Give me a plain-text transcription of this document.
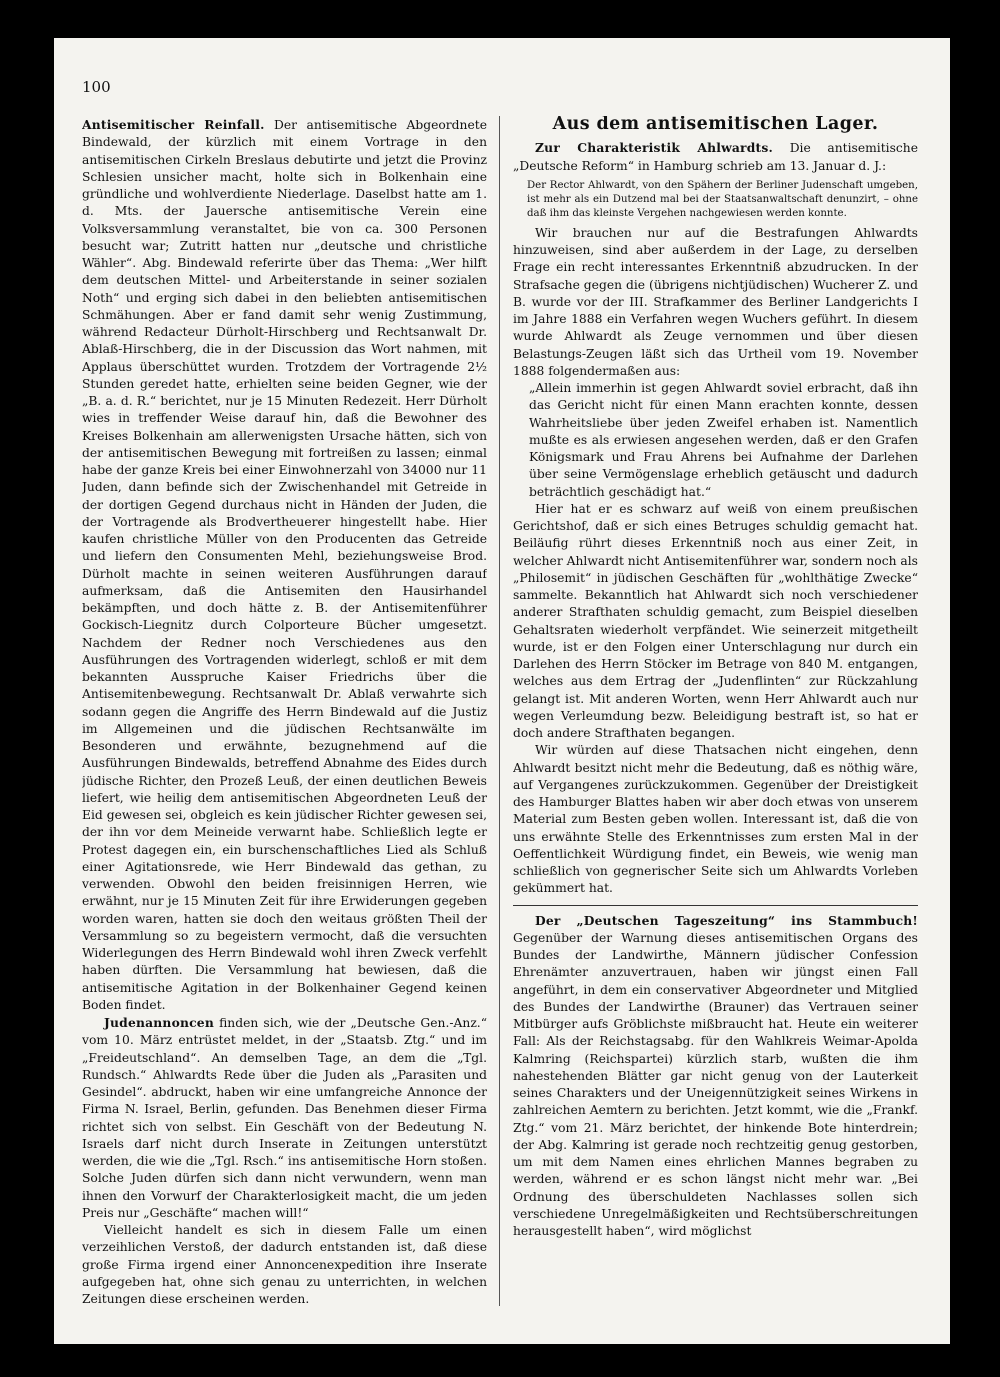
100

Antisemitischer Reinfall. Der antisemitische Abgeordnete Bindewald, der kürzlich mit einem Vortrage in den antisemitischen Cirkeln Breslaus debutirte und jetzt die Provinz Schlesien unsicher macht, holte sich in Bolkenhain eine gründliche und wohlverdiente Niederlage. Daselbst hatte am 1. d. Mts. der Jauersche antisemitische Verein eine Volksversammlung veranstaltet, bie von ca. 300 Personen besucht war; Zutritt hatten nur „deutsche und christliche Wähler“. Abg. Bindewald referirte über das Thema: „Wer hilft dem deutschen Mittel- und Arbeiterstande in seiner sozialen Noth“ und erging sich dabei in den beliebten antisemitischen Schmähungen. Aber er fand damit sehr wenig Zustimmung, während Redacteur Dürholt-Hirschberg und Rechtsanwalt Dr. Ablaß-Hirschberg, die in der Discussion das Wort nahmen, mit Applaus überschüttet wurden. Trotzdem der Vortragende 2½ Stunden geredet hatte, erhielten seine beiden Gegner, wie der „B. a. d. R.“ berichtet, nur je 15 Minuten Redezeit. Herr Dürholt wies in treffender Weise darauf hin, daß die Bewohner des Kreises Bolkenhain am allerwenigsten Ursache hätten, sich von der antisemitischen Bewegung mit fortreißen zu lassen; einmal habe der ganze Kreis bei einer Einwohnerzahl von 34000 nur 11 Juden, dann befinde sich der Zwischenhandel mit Getreide in der dortigen Gegend durchaus nicht in Händen der Juden, die der Vortragende als Brodvertheuerer hingestellt habe. Hier kaufen christliche Müller von den Producenten das Getreide und liefern den Consumenten Mehl, beziehungsweise Brod. Dürholt machte in seinen weiteren Ausführungen darauf aufmerksam, daß die Antisemiten den Hausirhandel bekämpften, und doch hätte z. B. der Antisemitenführer Gockisch-Liegnitz durch Colporteure Bücher umgesetzt. Nachdem der Redner noch Verschiedenes aus den Ausführungen des Vortragenden widerlegt, schloß er mit dem bekannten Ausspruche Kaiser Friedrichs über die Antisemitenbewegung. Rechtsanwalt Dr. Ablaß verwahrte sich sodann gegen die Angriffe des Herrn Bindewald auf die Justiz im Allgemeinen und die jüdischen Rechtsanwälte im Besonderen und erwähnte, bezugnehmend auf die Ausführungen Bindewalds, betreffend Abnahme des Eides durch jüdische Richter, den Prozeß Leuß, der einen deutlichen Beweis liefert, wie heilig dem antisemitischen Abgeordneten Leuß der Eid gewesen sei, obgleich es kein jüdischer Richter gewesen sei, der ihn vor dem Meineide verwarnt habe. Schließlich legte er Protest dagegen ein, ein burschenschaftliches Lied als Schluß einer Agitationsrede, wie Herr Bindewald das gethan, zu verwenden. Obwohl den beiden freisinnigen Herren, wie erwähnt, nur je 15 Minuten Zeit für ihre Erwiderungen gegeben worden waren, hatten sie doch den weitaus größten Theil der Versammlung so zu begeistern vermocht, daß die versuchten Widerlegungen des Herrn Bindewald wohl ihren Zweck verfehlt haben dürften. Die Versammlung hat bewiesen, daß die antisemitische Agitation in der Bolkenhainer Gegend keinen Boden findet.

Judenannoncen finden sich, wie der „Deutsche Gen.-Anz.“ vom 10. März entrüstet meldet, in der „Staatsb. Ztg.“ und im „Freideutschland“. An demselben Tage, an dem die „Tgl. Rundsch.“ Ahlwardts Rede über die Juden als „Parasiten und Gesindel“. abdruckt, haben wir eine umfangreiche Annonce der Firma N. Israel, Berlin, gefunden. Das Benehmen dieser Firma richtet sich von selbst. Ein Geschäft von der Bedeutung N. Israels darf nicht durch Inserate in Zeitungen unterstützt werden, die wie die „Tgl. Rsch.“ ins antisemitische Horn stoßen. Solche Juden dürfen sich dann nicht verwundern, wenn man ihnen den Vorwurf der Charakterlosigkeit macht, die um jeden Preis nur „Geschäfte“ machen will!“

Vielleicht handelt es sich in diesem Falle um einen verzeihlichen Verstoß, der dadurch entstanden ist, daß diese große Firma irgend einer Annoncenexpedition ihre Inserate aufgegeben hat, ohne sich genau zu unterrichten, in welchen Zeitungen diese erscheinen werden.

Aus dem antisemitischen Lager.

Zur Charakteristik Ahlwardts. Die antisemitische „Deutsche Reform“ in Hamburg schrieb am 13. Januar d. J.:

Der Rector Ahlwardt, von den Spähern der Berliner Judenschaft umgeben, ist mehr als ein Dutzend mal bei der Staatsanwaltschaft denunzirt, – ohne daß ihm das kleinste Vergehen nachgewiesen werden konnte.

Wir brauchen nur auf die Bestrafungen Ahlwardts hinzuweisen, sind aber außerdem in der Lage, zu derselben Frage ein recht interessantes Erkenntniß abzudrucken. In der Strafsache gegen die (übrigens nichtjüdischen) Wucherer Z. und B. wurde vor der III. Strafkammer des Berliner Landgerichts I im Jahre 1888 ein Verfahren wegen Wuchers geführt. In diesem wurde Ahlwardt als Zeuge vernommen und über diesen Belastungs-Zeugen läßt sich das Urtheil vom 19. November 1888 folgendermaßen aus:

„Allein immerhin ist gegen Ahlwardt soviel erbracht, daß ihn das Gericht nicht für einen Mann erachten konnte, dessen Wahrheitsliebe über jeden Zweifel erhaben ist. Namentlich mußte es als erwiesen angesehen werden, daß er den Grafen Königsmark und Frau Ahrens bei Aufnahme der Darlehen über seine Vermögenslage erheblich getäuscht und dadurch beträchtlich geschädigt hat.“

Hier hat er es schwarz auf weiß von einem preußischen Gerichtshof, daß er sich eines Betruges schuldig gemacht hat. Beiläufig rührt dieses Erkenntniß noch aus einer Zeit, in welcher Ahlwardt nicht Antisemitenführer war, sondern noch als „Philosemit“ in jüdischen Geschäften für „wohlthätige Zwecke“ sammelte. Bekanntlich hat Ahlwardt sich noch verschiedener anderer Strafthaten schuldig gemacht, zum Beispiel dieselben Gehaltsraten wiederholt verpfändet. Wie seinerzeit mitgetheilt wurde, ist er den Folgen einer Unterschlagung nur durch ein Darlehen des Herrn Stöcker im Betrage von 840 M. entgangen, welches aus dem Ertrag der „Judenflinten“ zur Rückzahlung gelangt ist. Mit anderen Worten, wenn Herr Ahlwardt auch nur wegen Verleumdung bezw. Beleidigung bestraft ist, so hat er doch andere Strafthaten begangen.

Wir würden auf diese Thatsachen nicht eingehen, denn Ahlwardt besitzt nicht mehr die Bedeutung, daß es nöthig wäre, auf Vergangenes zurückzukommen. Gegenüber der Dreistigkeit des Hamburger Blattes haben wir aber doch etwas von unserem Material zum Besten geben wollen. Interessant ist, daß die von uns erwähnte Stelle des Erkenntnisses zum ersten Mal in der Oeffentlichkeit Würdigung findet, ein Beweis, wie wenig man schließlich von gegnerischer Seite sich um Ahlwardts Vorleben gekümmert hat.

Der „Deutschen Tageszeitung“ ins Stammbuch! Gegenüber der Warnung dieses antisemitischen Organs des Bundes der Landwirthe, Männern jüdischer Confession Ehrenämter anzuvertrauen, haben wir jüngst einen Fall angeführt, in dem ein conservativer Abgeordneter und Mitglied des Bundes der Landwirthe (Brauner) das Vertrauen seiner Mitbürger aufs Gröblichste mißbraucht hat. Heute ein weiterer Fall: Als der Reichstagsabg. für den Wahlkreis Weimar-Apolda Kalmring (Reichspartei) kürzlich starb, wußten die ihm nahestehenden Blätter gar nicht genug von der Lauterkeit seines Charakters und der Uneigennützigkeit seines Wirkens in zahlreichen Aemtern zu berichten. Jetzt kommt, wie die „Frankf. Ztg.“ vom 21. März berichtet, der hinkende Bote hinterdrein; der Abg. Kalmring ist gerade noch rechtzeitig genug gestorben, um mit dem Namen eines ehrlichen Mannes begraben zu werden, während er es schon längst nicht mehr war. „Bei Ordnung des überschuldeten Nachlasses sollen sich verschiedene Unregelmäßigkeiten und Rechtsüberschreitungen herausgestellt haben“, wird möglichst
